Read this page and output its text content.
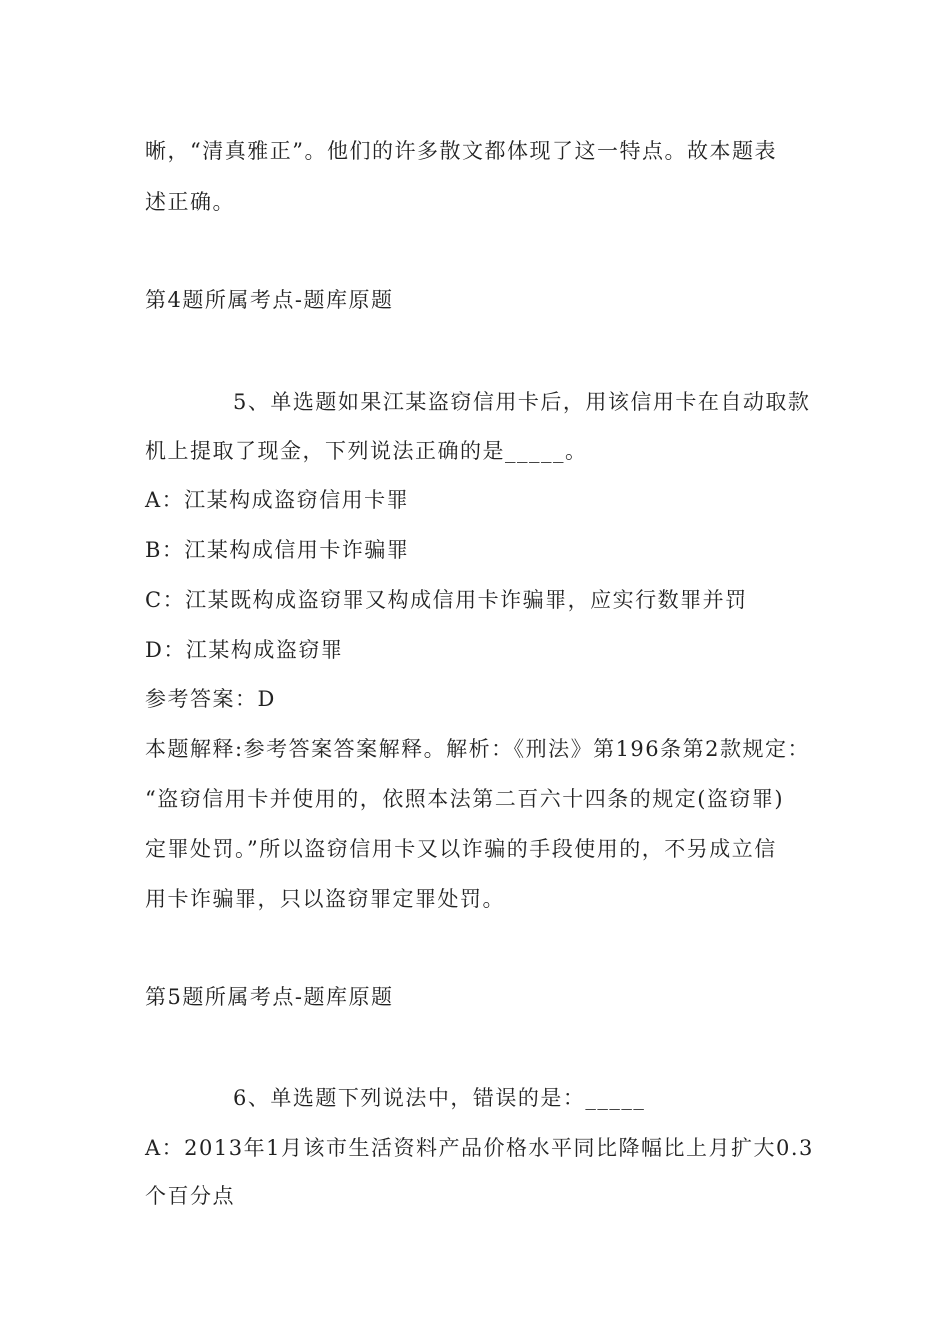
晰，“清真雅正”。他们的许多散文都体现了这一特点。故本题表
述正确。
第4题所属考点-题库原题
5、单选题如果江某盗窃信用卡后，用该信用卡在自动取款
机上提取了现金，下列说法正确的是_____。
A：江某构成盗窃信用卡罪
B：江某构成信用卡诈骗罪
C：江某既构成盗窃罪又构成信用卡诈骗罪，应实行数罪并罚
D：江某构成盗窃罪
参考答案：D
本题解释:参考答案答案解释。解析：《刑法》第196条第2款规定：
“盗窃信用卡并使用的，依照本法第二百六十四条的规定(盗窃罪)
定罪处罚。”所以盗窃信用卡又以诈骗的手段使用的，不另成立信
用卡诈骗罪，只以盗窃罪定罪处罚。
第5题所属考点-题库原题
6、单选题下列说法中，错误的是：_____
A：2013年1月该市生活资料产品价格水平同比降幅比上月扩大0.3
个百分点
